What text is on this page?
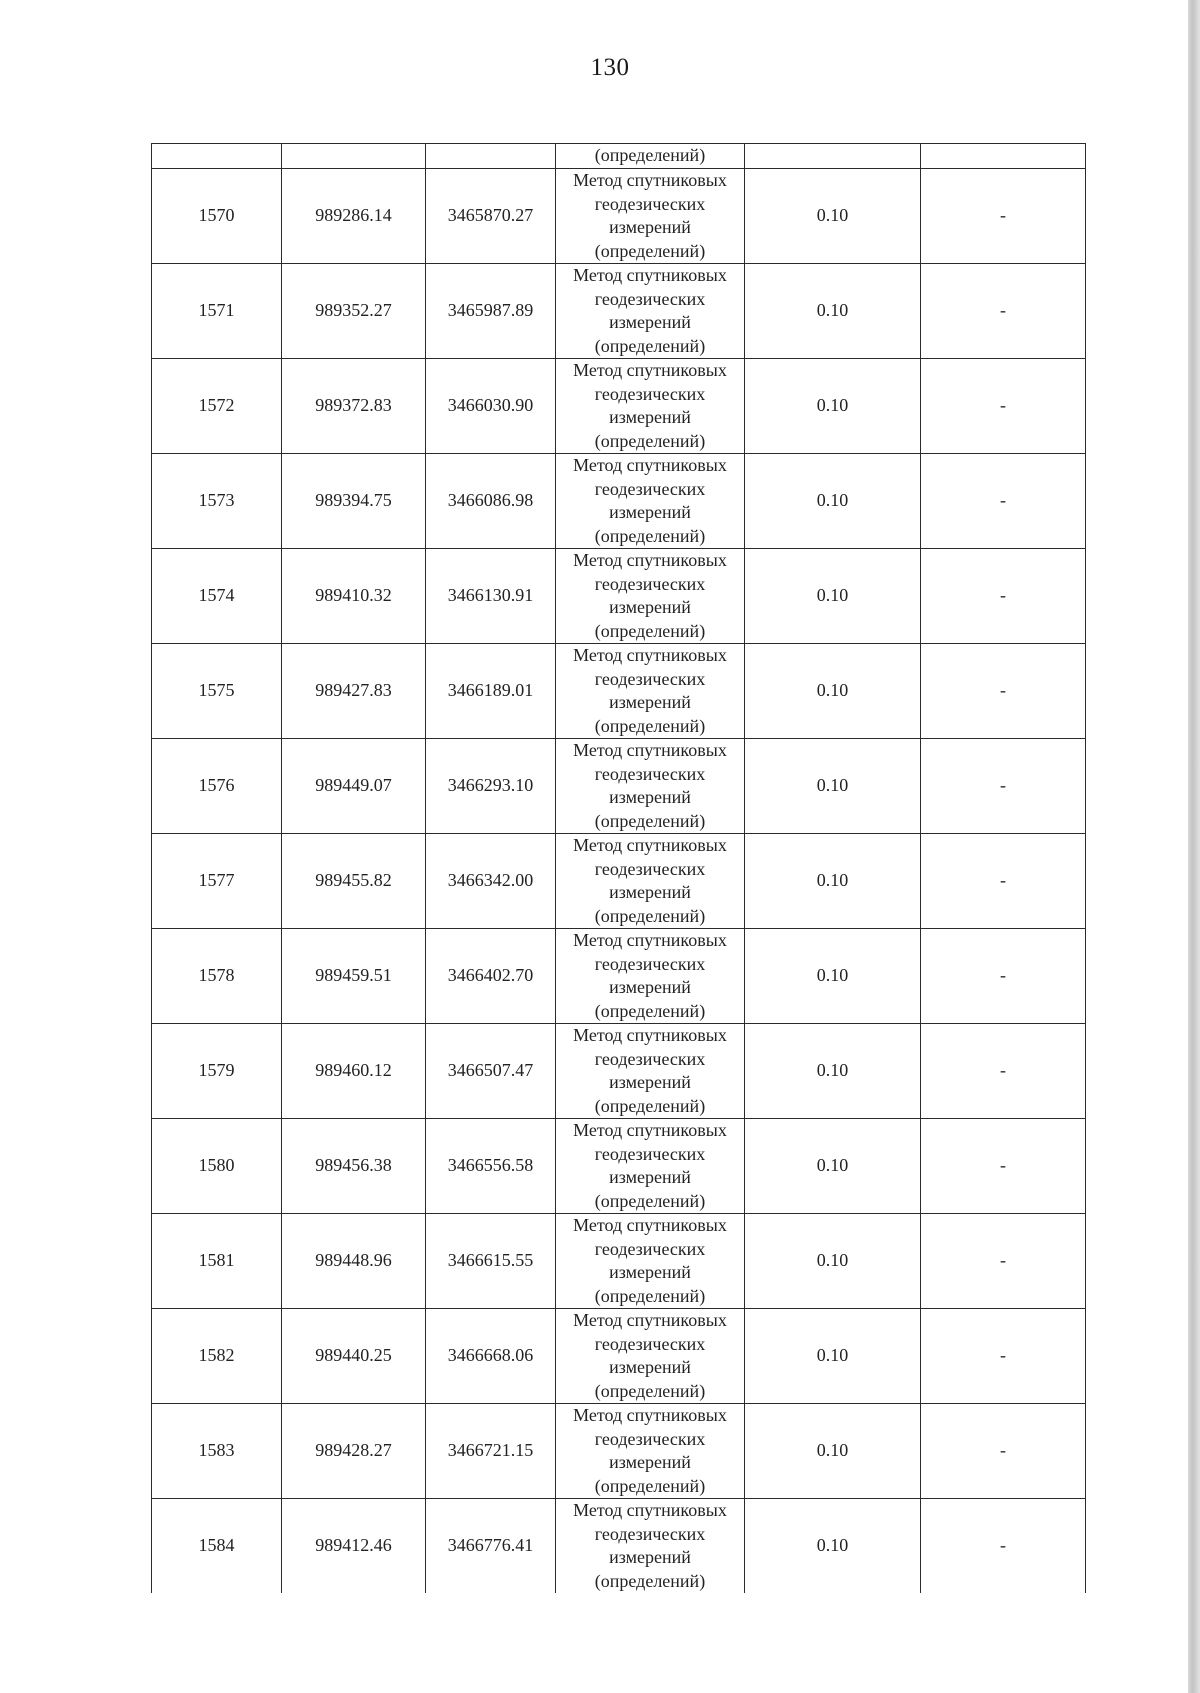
130
			(определений)		
1570	989286.14	3465870.27	Метод спутниковых геодезических измерений (определений)	0.10	-
1571	989352.27	3465987.89	Метод спутниковых геодезических измерений (определений)	0.10	-
1572	989372.83	3466030.90	Метод спутниковых геодезических измерений (определений)	0.10	-
1573	989394.75	3466086.98	Метод спутниковых геодезических измерений (определений)	0.10	-
1574	989410.32	3466130.91	Метод спутниковых геодезических измерений (определений)	0.10	-
1575	989427.83	3466189.01	Метод спутниковых геодезических измерений (определений)	0.10	-
1576	989449.07	3466293.10	Метод спутниковых геодезических измерений (определений)	0.10	-
1577	989455.82	3466342.00	Метод спутниковых геодезических измерений (определений)	0.10	-
1578	989459.51	3466402.70	Метод спутниковых геодезических измерений (определений)	0.10	-
1579	989460.12	3466507.47	Метод спутниковых геодезических измерений (определений)	0.10	-
1580	989456.38	3466556.58	Метод спутниковых геодезических измерений (определений)	0.10	-
1581	989448.96	3466615.55	Метод спутниковых геодезических измерений (определений)	0.10	-
1582	989440.25	3466668.06	Метод спутниковых геодезических измерений (определений)	0.10	-
1583	989428.27	3466721.15	Метод спутниковых геодезических измерений (определений)	0.10	-
1584	989412.46	3466776.41	Метод спутниковых геодезических измерений (определений)	0.10	-
